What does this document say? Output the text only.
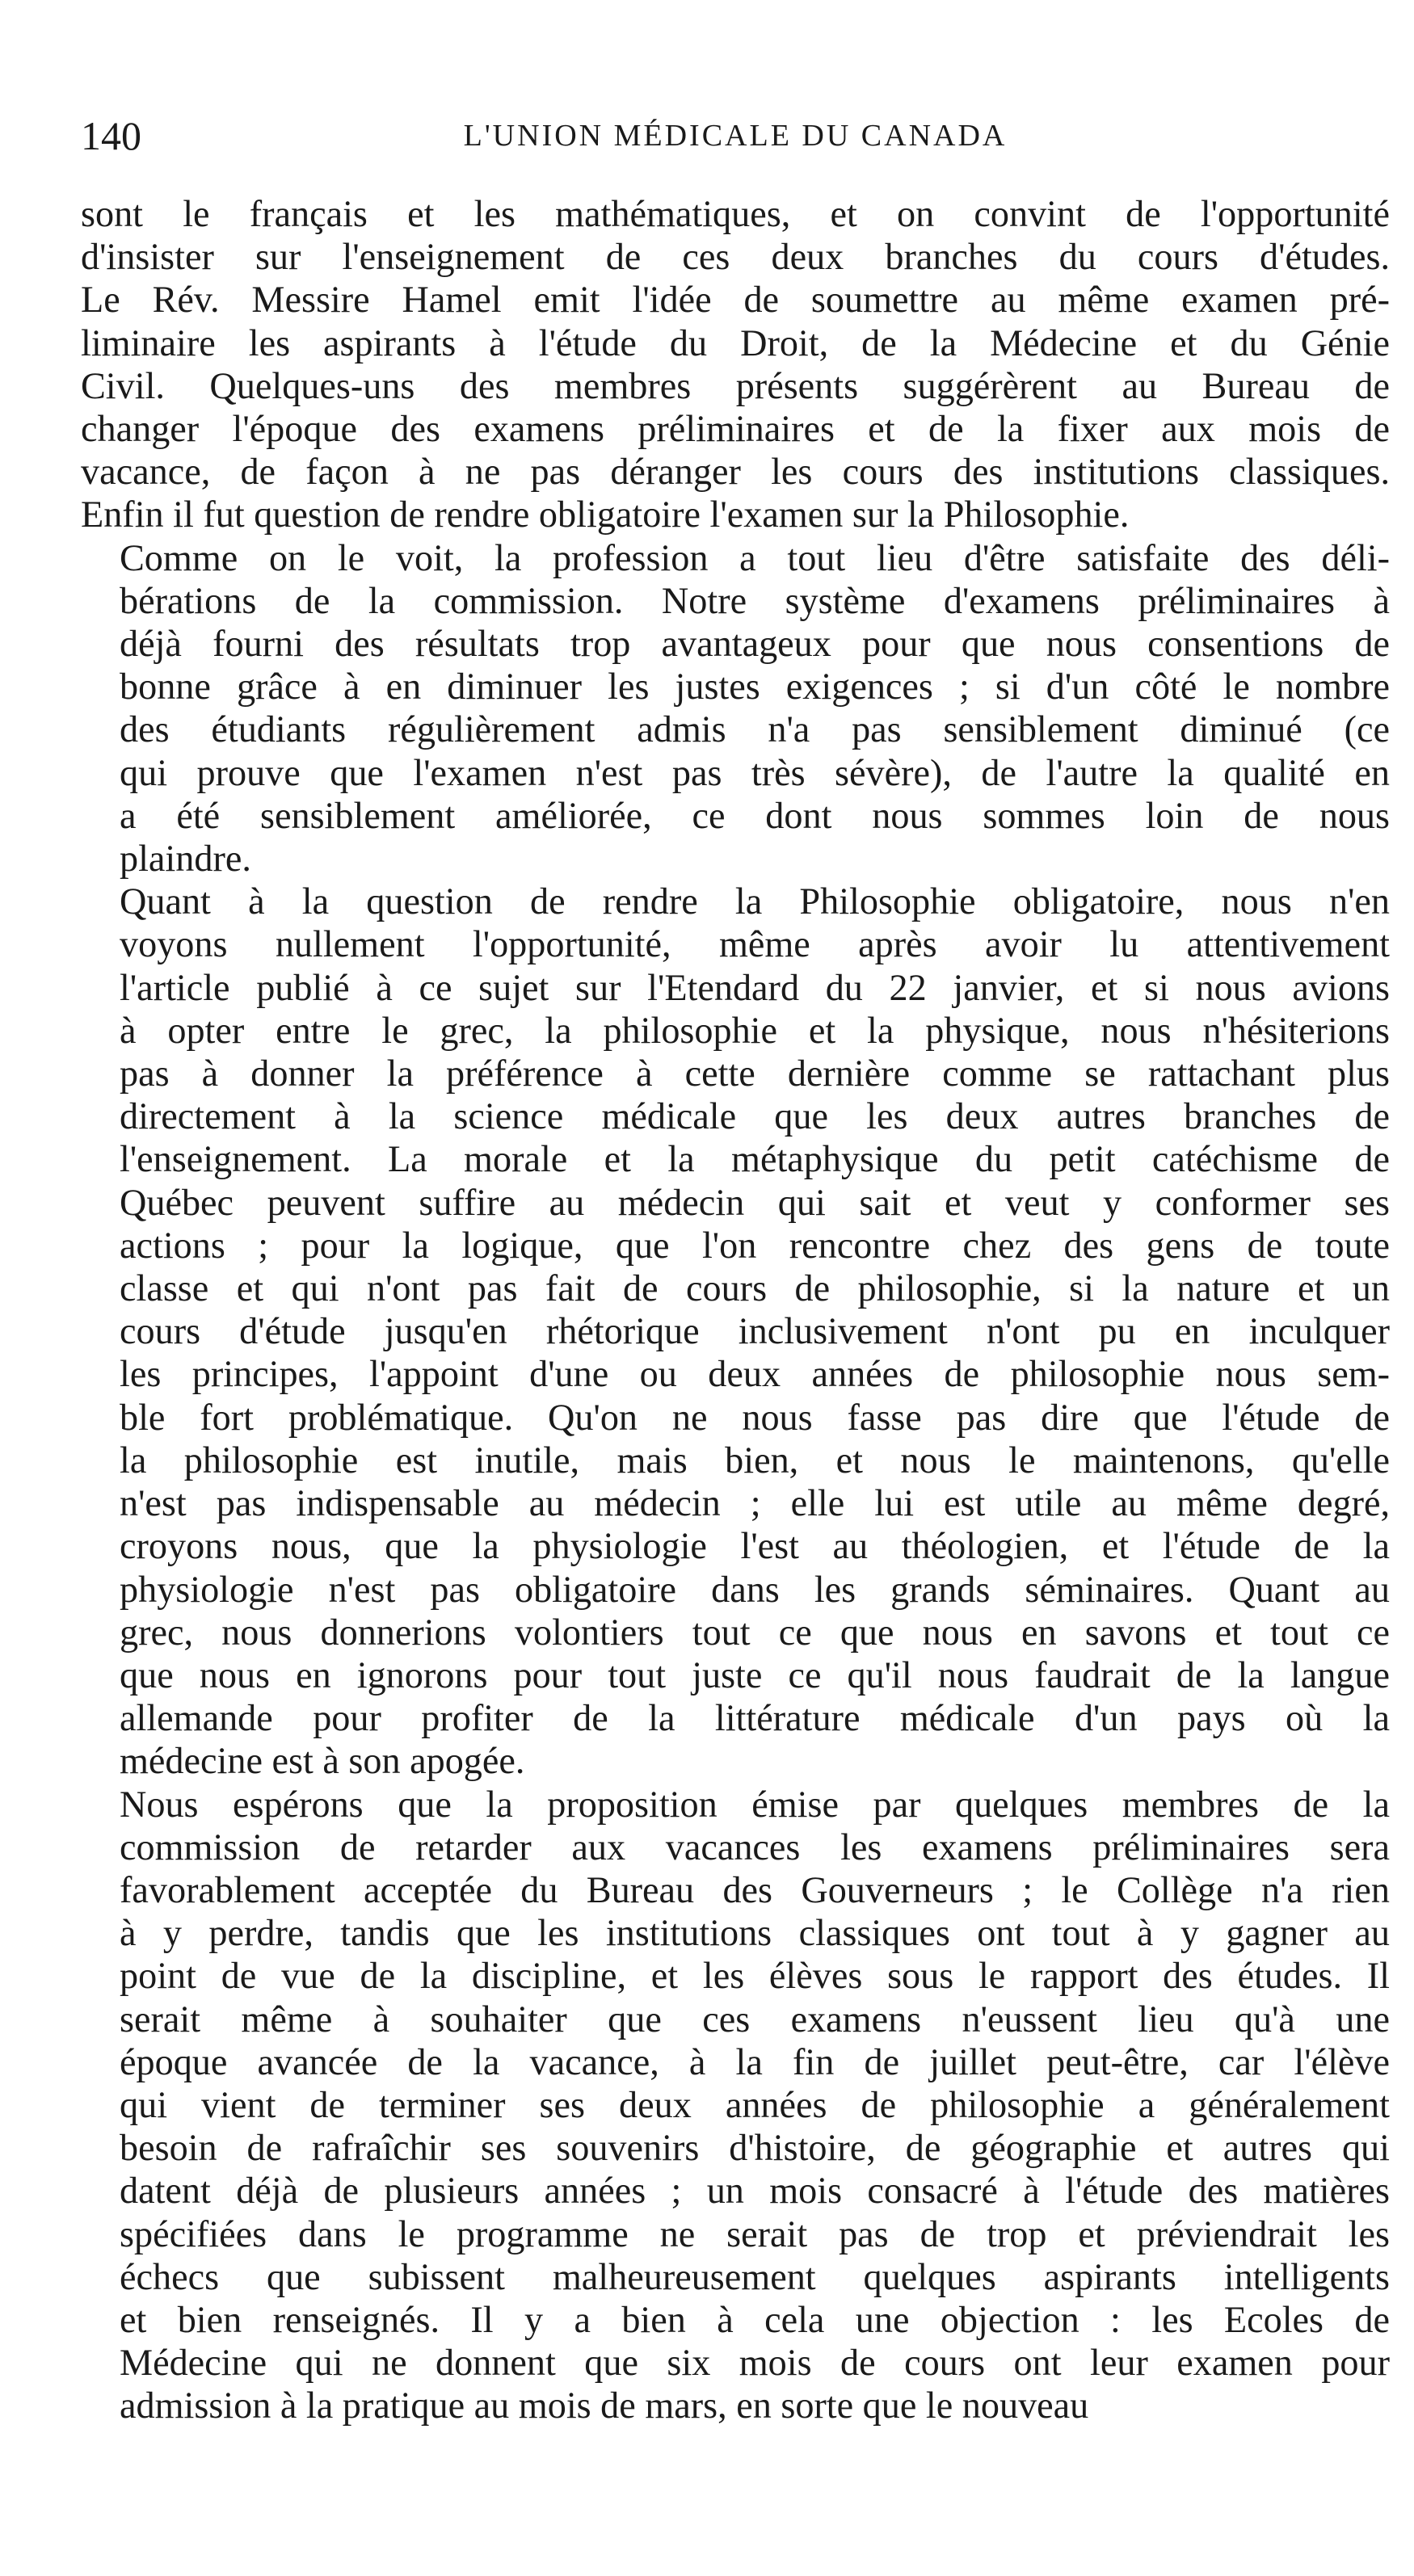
140	L'UNION MÉDICALE DU CANADA

sont le français et les mathématiques, et on convint de l'opportunité
d'insister sur l'enseignement de ces deux branches du cours d'études.
Le Rév. Messire Hamel emit l'idée de soumettre au même examen pré-
liminaire les aspirants à l'étude du Droit, de la Médecine et du Génie
Civil. Quelques-uns des membres présents suggérèrent au Bureau de
changer l'époque des examens préliminaires et de la fixer aux mois de
vacance, de façon à ne pas déranger les cours des institutions classiques.
Enfin il fut question de rendre obligatoire l'examen sur la Philosophie.

Comme on le voit, la profession a tout lieu d'être satisfaite des déli-
bérations de la commission. Notre système d'examens préliminaires à
déjà fourni des résultats trop avantageux pour que nous consentions de
bonne grâce à en diminuer les justes exigences ; si d'un côté le nombre
des étudiants régulièrement admis n'a pas sensiblement diminué (ce
qui prouve que l'examen n'est pas très sévère), de l'autre la qualité en
a été sensiblement améliorée, ce dont nous sommes loin de nous
plaindre.

Quant à la question de rendre la Philosophie obligatoire, nous n'en
voyons nullement l'opportunité, même après avoir lu attentivement
l'article publié à ce sujet sur l'Etendard du 22 janvier, et si nous avions
à opter entre le grec, la philosophie et la physique, nous n'hésiterions
pas à donner la préférence à cette dernière comme se rattachant plus
directement à la science médicale que les deux autres branches de
l'enseignement. La morale et la métaphysique du petit catéchisme de
Québec peuvent suffire au médecin qui sait et veut y conformer ses
actions ; pour la logique, que l'on rencontre chez des gens de toute
classe et qui n'ont pas fait de cours de philosophie, si la nature et un
cours d'étude jusqu'en rhétorique inclusivement n'ont pu en inculquer
les principes, l'appoint d'une ou deux années de philosophie nous sem-
ble fort problématique. Qu'on ne nous fasse pas dire que l'étude de
la philosophie est inutile, mais bien, et nous le maintenons, qu'elle
n'est pas indispensable au médecin ; elle lui est utile au même degré,
croyons nous, que la physiologie l'est au théologien, et l'étude de la
physiologie n'est pas obligatoire dans les grands séminaires. Quant au
grec, nous donnerions volontiers tout ce que nous en savons et tout ce
que nous en ignorons pour tout juste ce qu'il nous faudrait de la langue
allemande pour profiter de la littérature médicale d'un pays où la
médecine est à son apogée.

Nous espérons que la proposition émise par quelques membres de la
commission de retarder aux vacances les examens préliminaires sera
favorablement acceptée du Bureau des Gouverneurs ; le Collège n'a rien
à y perdre, tandis que les institutions classiques ont tout à y gagner au
point de vue de la discipline, et les élèves sous le rapport des études. Il
serait même à souhaiter que ces examens n'eussent lieu qu'à une
époque avancée de la vacance, à la fin de juillet peut-être, car l'élève
qui vient de terminer ses deux années de philosophie a généralement
besoin de rafraîchir ses souvenirs d'histoire, de géographie et autres qui
datent déjà de plusieurs années ; un mois consacré à l'étude des matières
spécifiées dans le programme ne serait pas de trop et préviendrait les
échecs que subissent malheureusement quelques aspirants intelligents
et bien renseignés. Il y a bien à cela une objection : les Ecoles de
Médecine qui ne donnent que six mois de cours ont leur examen pour
admission à la pratique au mois de mars, en sorte que le nouveau
